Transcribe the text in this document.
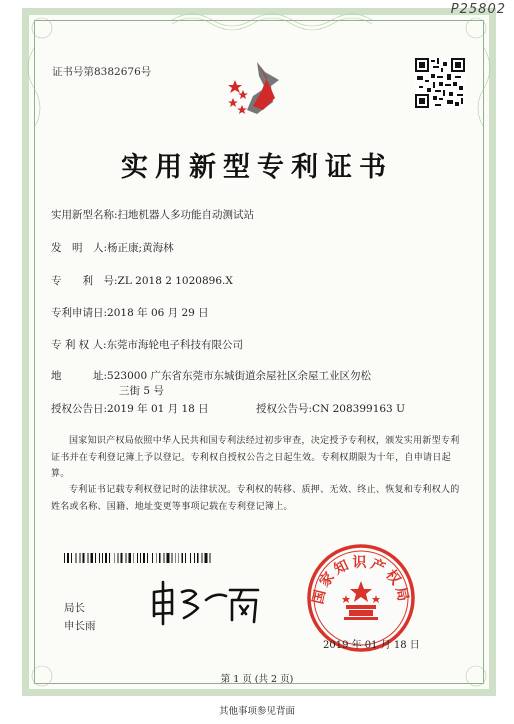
P25802
证书号第8382676号
实用新型专利证书
实用新型名称:扫地机器人多功能自动测试站
发　明　人:杨正康;黄海林
专　　利　号:ZL 2018 2 1020896.X
专利申请日:2018 年 06 月 29 日
专 利 权 人:东莞市海轮电子科技有限公司
地　　　址:523000 广东省东莞市东城街道余屋社区余屋工业区勿松
三街 5 号
授权公告日:2019 年 01 月 18 日	授权公告号:CN 208399163 U
国家知识产权局依照中华人民共和国专利法经过初步审查，决定授予专利权，颁发实用新型专利证书并在专利登记簿上予以登记。专利权自授权公告之日起生效。专利权期限为十年，自申请日起算。
专利证书记载专利权登记时的法律状况。专利权的转移、质押、无效、终止、恢复和专利权人的姓名或名称、国籍、地址变更等事项记载在专利登记簿上。
局长
申长雨
国家知识产权局
2019 年 01 月 18 日
第 1 页 (共 2 页)
其他事项参见背面
